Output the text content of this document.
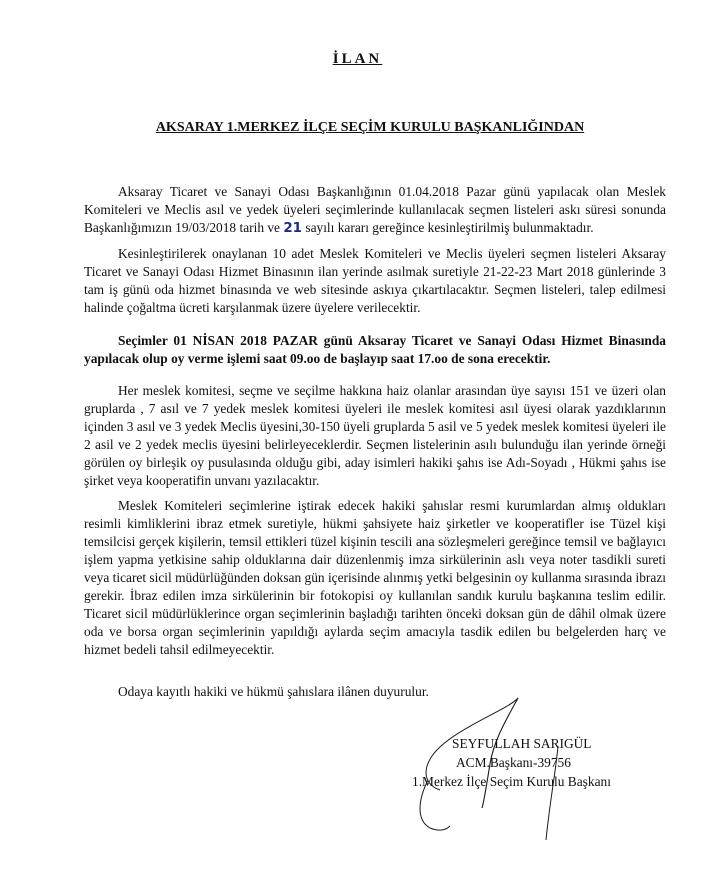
İLAN
AKSARAY 1.MERKEZ İLÇE SEÇİM KURULU BAŞKANLIĞINDAN

Aksaray Ticaret ve Sanayi Odası Başkanlığının 01.04.2018 Pazar günü yapılacak olan Meslek Komiteleri ve Meclis asıl ve yedek üyeleri seçimlerinde kullanılacak seçmen listeleri askı süresi sonunda Başkanlığımızın 19/03/2018 tarih ve 21 sayılı kararı gereğince kesinleştirilmiş bulunmaktadır.

Kesinleştirilerek onaylanan 10 adet Meslek Komiteleri ve Meclis üyeleri seçmen listeleri Aksaray Ticaret ve Sanayi Odası Hizmet Binasının ilan yerinde asılmak suretiyle 21-22-23 Mart 2018 günlerinde 3 tam iş günü oda hizmet binasında ve web sitesinde askıya çıkartılacaktır. Seçmen listeleri, talep edilmesi halinde çoğaltma ücreti karşılanmak üzere üyelere verilecektir.

Seçimler 01 NİSAN 2018 PAZAR günü Aksaray Ticaret ve Sanayi Odası Hizmet Binasında yapılacak olup oy verme işlemi saat 09.oo de başlayıp saat 17.oo de sona erecektir.

Her meslek komitesi, seçme ve seçilme hakkına haiz olanlar arasından üye sayısı 151 ve üzeri olan gruplarda , 7 asıl ve 7 yedek meslek komitesi üyeleri ile meslek komitesi asıl üyesi olarak yazdıklarının içinden 3 asıl ve 3 yedek Meclis üyesini,30-150 üyeli gruplarda 5 asil ve 5 yedek meslek komitesi üyeleri ile 2 asil ve 2 yedek meclis üyesini belirleyeceklerdir. Seçmen listelerinin asılı bulunduğu ilan yerinde örneği görülen oy birleşik oy pusulasında olduğu gibi, aday isimleri hakiki şahıs ise Adı-Soyadı , Hükmi şahıs ise şirket veya kooperatifin unvanı yazılacaktır.

Meslek Komiteleri seçimlerine iştirak edecek hakiki şahıslar resmi kurumlardan almış oldukları resimli kimliklerini ibraz etmek suretiyle, hükmi şahsiyete haiz şirketler ve kooperatifler ise Tüzel kişi temsilcisi gerçek kişilerin, temsil ettikleri tüzel kişinin tescili ana sözleşmeleri gereğince temsil ve bağlayıcı işlem yapma yetkisine sahip olduklarına dair düzenlenmiş imza sirkülerinin aslı veya noter tasdikli sureti veya ticaret sicil müdürlüğünden doksan gün içerisinde alınmış yetki belgesinin oy kullanma sırasında ibrazı gerekir. İbraz edilen imza sirkülerinin bir fotokopisi oy kullanılan sandık kurulu başkanına teslim edilir. Ticaret sicil müdürlüklerince organ seçimlerinin başladığı tarihten önceki doksan gün de dâhil olmak üzere oda ve borsa organ seçimlerinin yapıldığı aylarda seçim amacıyla tasdik edilen bu belgelerden harç ve hizmet bedeli tahsil edilmeyecektir.

Odaya kayıtlı hakiki ve hükmü şahıslara ilânen duyurulur.

SEYFULLAH SARIGÜL
ACM.Başkanı-39756
1.Merkez İlçe Seçim Kurulu Başkanı
